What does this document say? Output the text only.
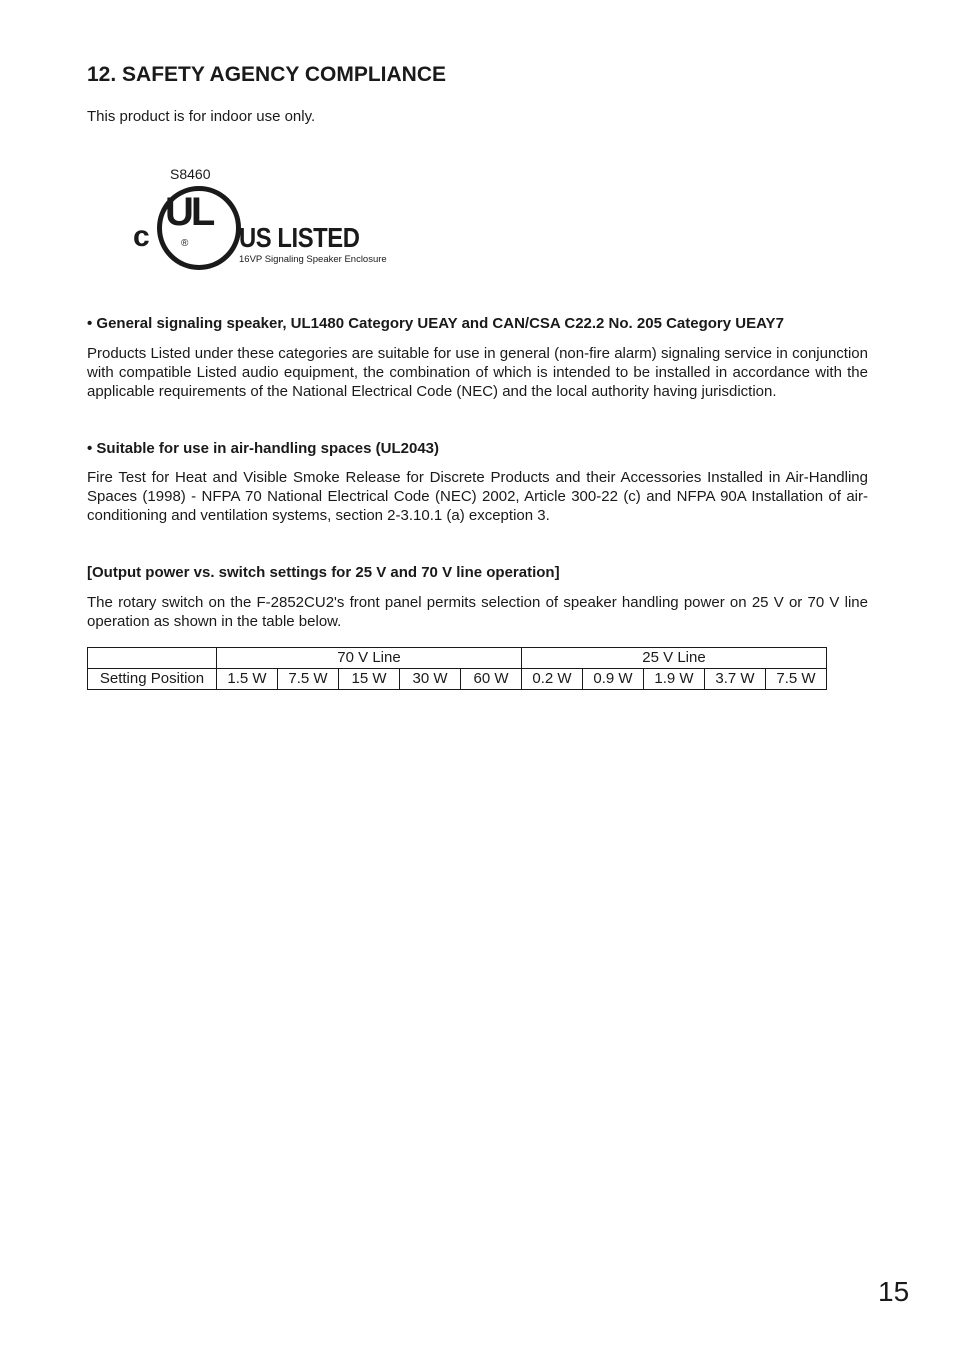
12. SAFETY AGENCY COMPLIANCE

This product is for indoor use only.

S8460
c
UL
® US LISTED
16VP Signaling Speaker Enclosure

• General signaling speaker, UL1480 Category UEAY and CAN/CSA C22.2 No. 205 Category UEAY7

Products Listed under these categories are suitable for use in general (non-fire alarm) signaling service in conjunction with compatible Listed audio equipment, the combination of which is intended to be installed in accordance with the applicable requirements of the National Electrical Code (NEC) and the local authority having jurisdiction.

• Suitable for use in air-handling spaces (UL2043)

Fire Test for Heat and Visible Smoke Release for Discrete Products and their Accessories Installed in Air-Handling Spaces (1998) - NFPA 70 National Electrical Code (NEC) 2002, Article 300-22 (c) and NFPA 90A Installation of air-conditioning and ventilation systems, section 2-3.10.1 (a) exception 3.

[Output power vs. switch settings for 25 V and 70 V line operation]

The rotary switch on the F-2852CU2's front panel permits selection of speaker handling power on 25 V or 70 V line operation as shown in the table below.

	70 V Line					25 V Line				
Setting Position	1.5 W	7.5 W	15 W	30 W	60 W	0.2 W	0.9 W	1.9 W	3.7 W	7.5 W
15
